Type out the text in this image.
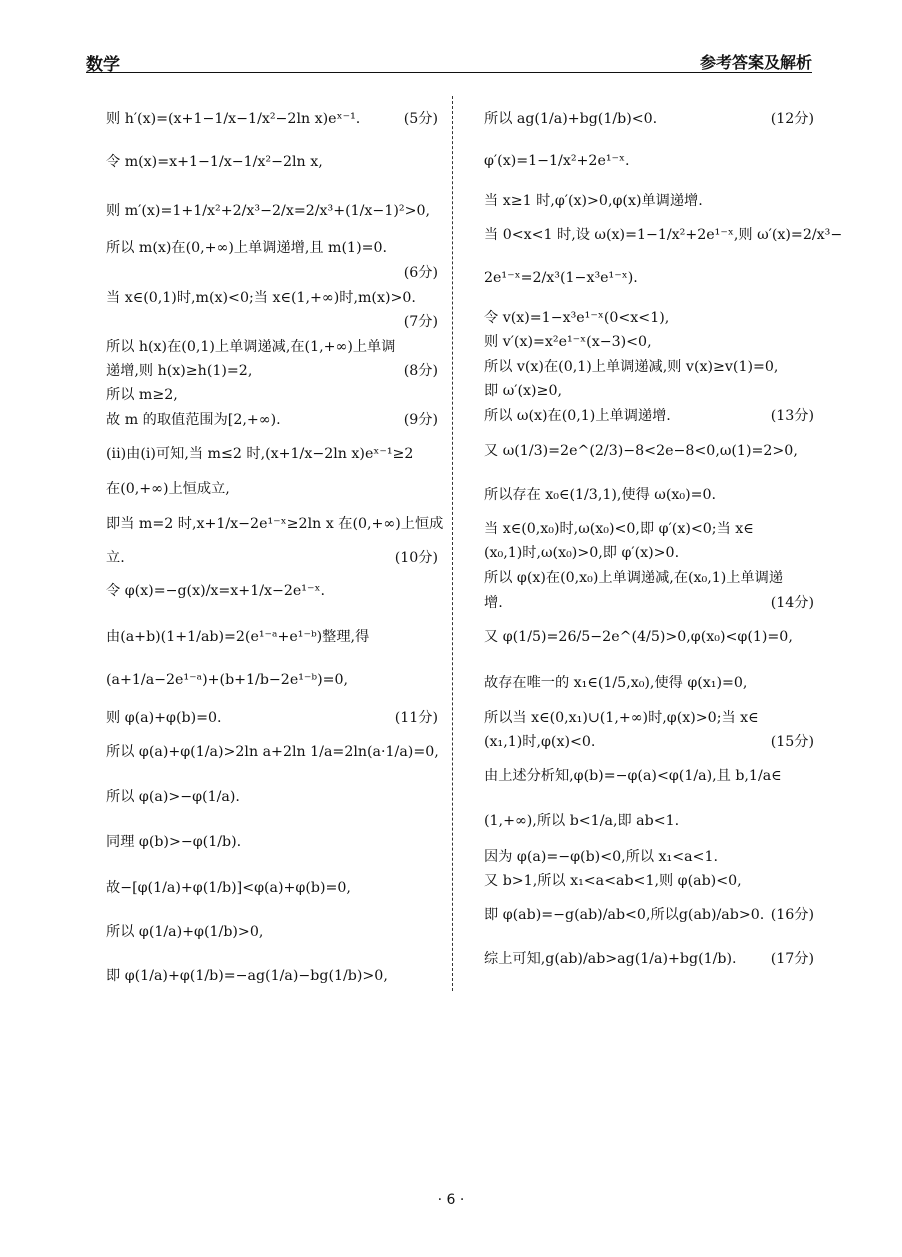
数学	参考答案及解析
则 h′(x)=(x+1−1/x−1/x²−2ln x)eˣ⁻¹.	(5分)
令 m(x)=x+1−1/x−1/x²−2ln x,
则 m′(x)=1+1/x²+2/x³−2/x=2/x³+(1/x−1)²>0,
所以 m(x)在(0,+∞)上单调递增,且 m(1)=0.
(6分)
当 x∈(0,1)时,m(x)<0;当 x∈(1,+∞)时,m(x)>0.
(7分)
所以 h(x)在(0,1)上单调递减,在(1,+∞)上单调
递增,则 h(x)≥h(1)=2,	(8分)
所以 m≥2,
故 m 的取值范围为[2,+∞).	(9分)
(ii)由(i)可知,当 m≤2 时,(x+1/x−2ln x)eˣ⁻¹≥2
在(0,+∞)上恒成立,
即当 m=2 时,x+1/x−2e¹⁻ˣ≥2ln x 在(0,+∞)上恒成
立.	(10分)
令 φ(x)=−g(x)/x=x+1/x−2e¹⁻ˣ.
由(a+b)(1+1/ab)=2(e¹⁻ᵃ+e¹⁻ᵇ)整理,得
(a+1/a−2e¹⁻ᵃ)+(b+1/b−2e¹⁻ᵇ)=0,
则 φ(a)+φ(b)=0.	(11分)
所以 φ(a)+φ(1/a)>2ln a+2ln 1/a=2ln(a·1/a)=0,
所以 φ(a)>−φ(1/a).
同理 φ(b)>−φ(1/b).
故−[φ(1/a)+φ(1/b)]<φ(a)+φ(b)=0,
所以 φ(1/a)+φ(1/b)>0,
即 φ(1/a)+φ(1/b)=−ag(1/a)−bg(1/b)>0,
所以 ag(1/a)+bg(1/b)<0.	(12分)
φ′(x)=1−1/x²+2e¹⁻ˣ.
当 x≥1 时,φ′(x)>0,φ(x)单调递增.
当 0<x<1 时,设 ω(x)=1−1/x²+2e¹⁻ˣ,则 ω′(x)=2/x³−
2e¹⁻ˣ=2/x³(1−x³e¹⁻ˣ).
令 v(x)=1−x³e¹⁻ˣ(0<x<1),
则 v′(x)=x²e¹⁻ˣ(x−3)<0,
所以 v(x)在(0,1)上单调递减,则 v(x)≥v(1)=0,
即 ω′(x)≥0,
所以 ω(x)在(0,1)上单调递增.	(13分)
又 ω(1/3)=2e^(2/3)−8<2e−8<0,ω(1)=2>0,
所以存在 x₀∈(1/3,1),使得 ω(x₀)=0.
当 x∈(0,x₀)时,ω(x₀)<0,即 φ′(x)<0;当 x∈
(x₀,1)时,ω(x₀)>0,即 φ′(x)>0.
所以 φ(x)在(0,x₀)上单调递减,在(x₀,1)上单调递
增.	(14分)
又 φ(1/5)=26/5−2e^(4/5)>0,φ(x₀)<φ(1)=0,
故存在唯一的 x₁∈(1/5,x₀),使得 φ(x₁)=0,
所以当 x∈(0,x₁)∪(1,+∞)时,φ(x)>0;当 x∈
(x₁,1)时,φ(x)<0.	(15分)
由上述分析知,φ(b)=−φ(a)<φ(1/a),且 b,1/a∈
(1,+∞),所以 b<1/a,即 ab<1.
因为 φ(a)=−φ(b)<0,所以 x₁<a<1.
又 b>1,所以 x₁<a<ab<1,则 φ(ab)<0,
即 φ(ab)=−g(ab)/ab<0,所以g(ab)/ab>0. (16分)
综上可知,g(ab)/ab>ag(1/a)+bg(1/b). (17分)
· 6 ·
